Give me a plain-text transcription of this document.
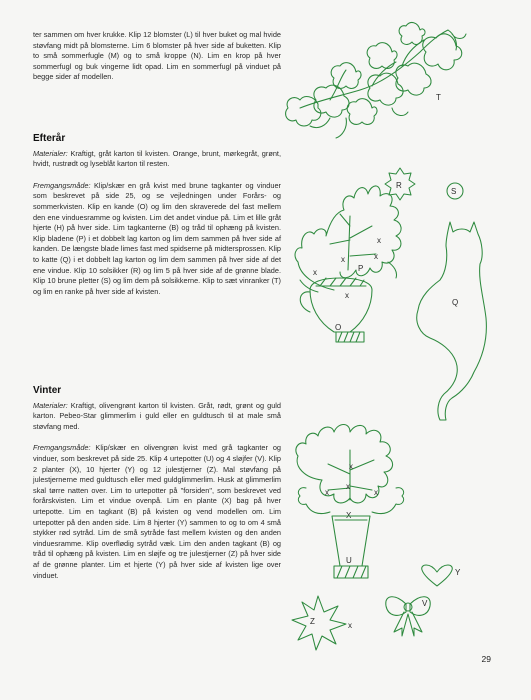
ter sammen om hver krukke. Klip 12 blomster (L) til hver buket og mal hvide støvfang midt på blomsterne. Lim 6 blomster på hver side af buketten. Klip to små sommerfugle (M) og to små kroppe (N). Lim en krop på hver sommerfugl og buk vingerne lidt opad. Lim en sommerfugl på vinduet på begge sider af modellen.

Efterår

Materialer: Kraftigt, gråt karton til kvisten. Orange, brunt, mørkegråt, grønt, hvidt, rustrødt og lyseblåt karton til resten.

Fremgangsmåde: Klip/skær en grå kvist med brune tagkanter og vinduer som beskrevet på side 25, og se vejledningen under Forårs- og sommerkvisten. Klip en kande (O) og lim den skraverede del fast mellem den ene vinduesramme og kvisten. Lim det andet vindue på. Lim et lille gråt hjerte (H) på hver side. Lim tagkanterne (B) og tråd til ophæng på kvisten. Klip bladene (P) i et dobbelt lag karton og lim dem sammen på hver side af kanden. De længste blade limes fast med spidserne på midtersprossen. Klip to katte (Q) i et dobbelt lag karton og lim dem sammen på hver side af det ene vindue. Klip 10 solsikker (R) og lim 5 på hver side af de grønne blade. Klip 10 brune pletter (S) og lim dem på solsikkerne. Klip to sæt vinranker (T) og lim en ranke på hver side af kvisten.

Vinter

Materialer: Kraftigt, olivengrønt karton til kvisten. Gråt, rødt, grønt og guld karton. Pebeo-Star glimmerlim i guld eller en guldtusch til at male små støvfang med.

Fremgangsmåde: Klip/skær en olivengrøn kvist med grå tagkanter og vinduer, som beskrevet på side 25. Klip 4 urtepotter (U) og 4 sløjfer (V). Klip 2 planter (X), 10 hjerter (Y) og 12 julestjerner (Z). Mal støvfang på julestjernerne med guldtusch eller med guldglimmerlim. Husk at glimmerlim skal tørre natten over. Lim to urtepotter på "forsiden", som beskrevet ved forårskvisten. Lim et vindue ovenpå. Lim en plante (X) bag på hver urtepotte. Lim en tagkant (B) på kvisten og vend modellen om. Lim urtepotter på den anden side. Lim 8 hjerter (Y) sammen to og to om 4 små stykker rød sytråd. Lim de små sytråde fast mellem kvisten og den anden vinduesramme. Klip overflødig sytråd væk. Lim den anden tagkant (B) og tråd til ophæng på kvisten. Lim en sløjfe og tre julestjerner (Z) på hver side af de grønne planter. Lim et hjerte (Y) på hver side af kvisten lige over vinduet.

T
R
S
x	x
x
x
P
x
O
Q
x
x	x
x
X
U
Y
Z	x
V
29
